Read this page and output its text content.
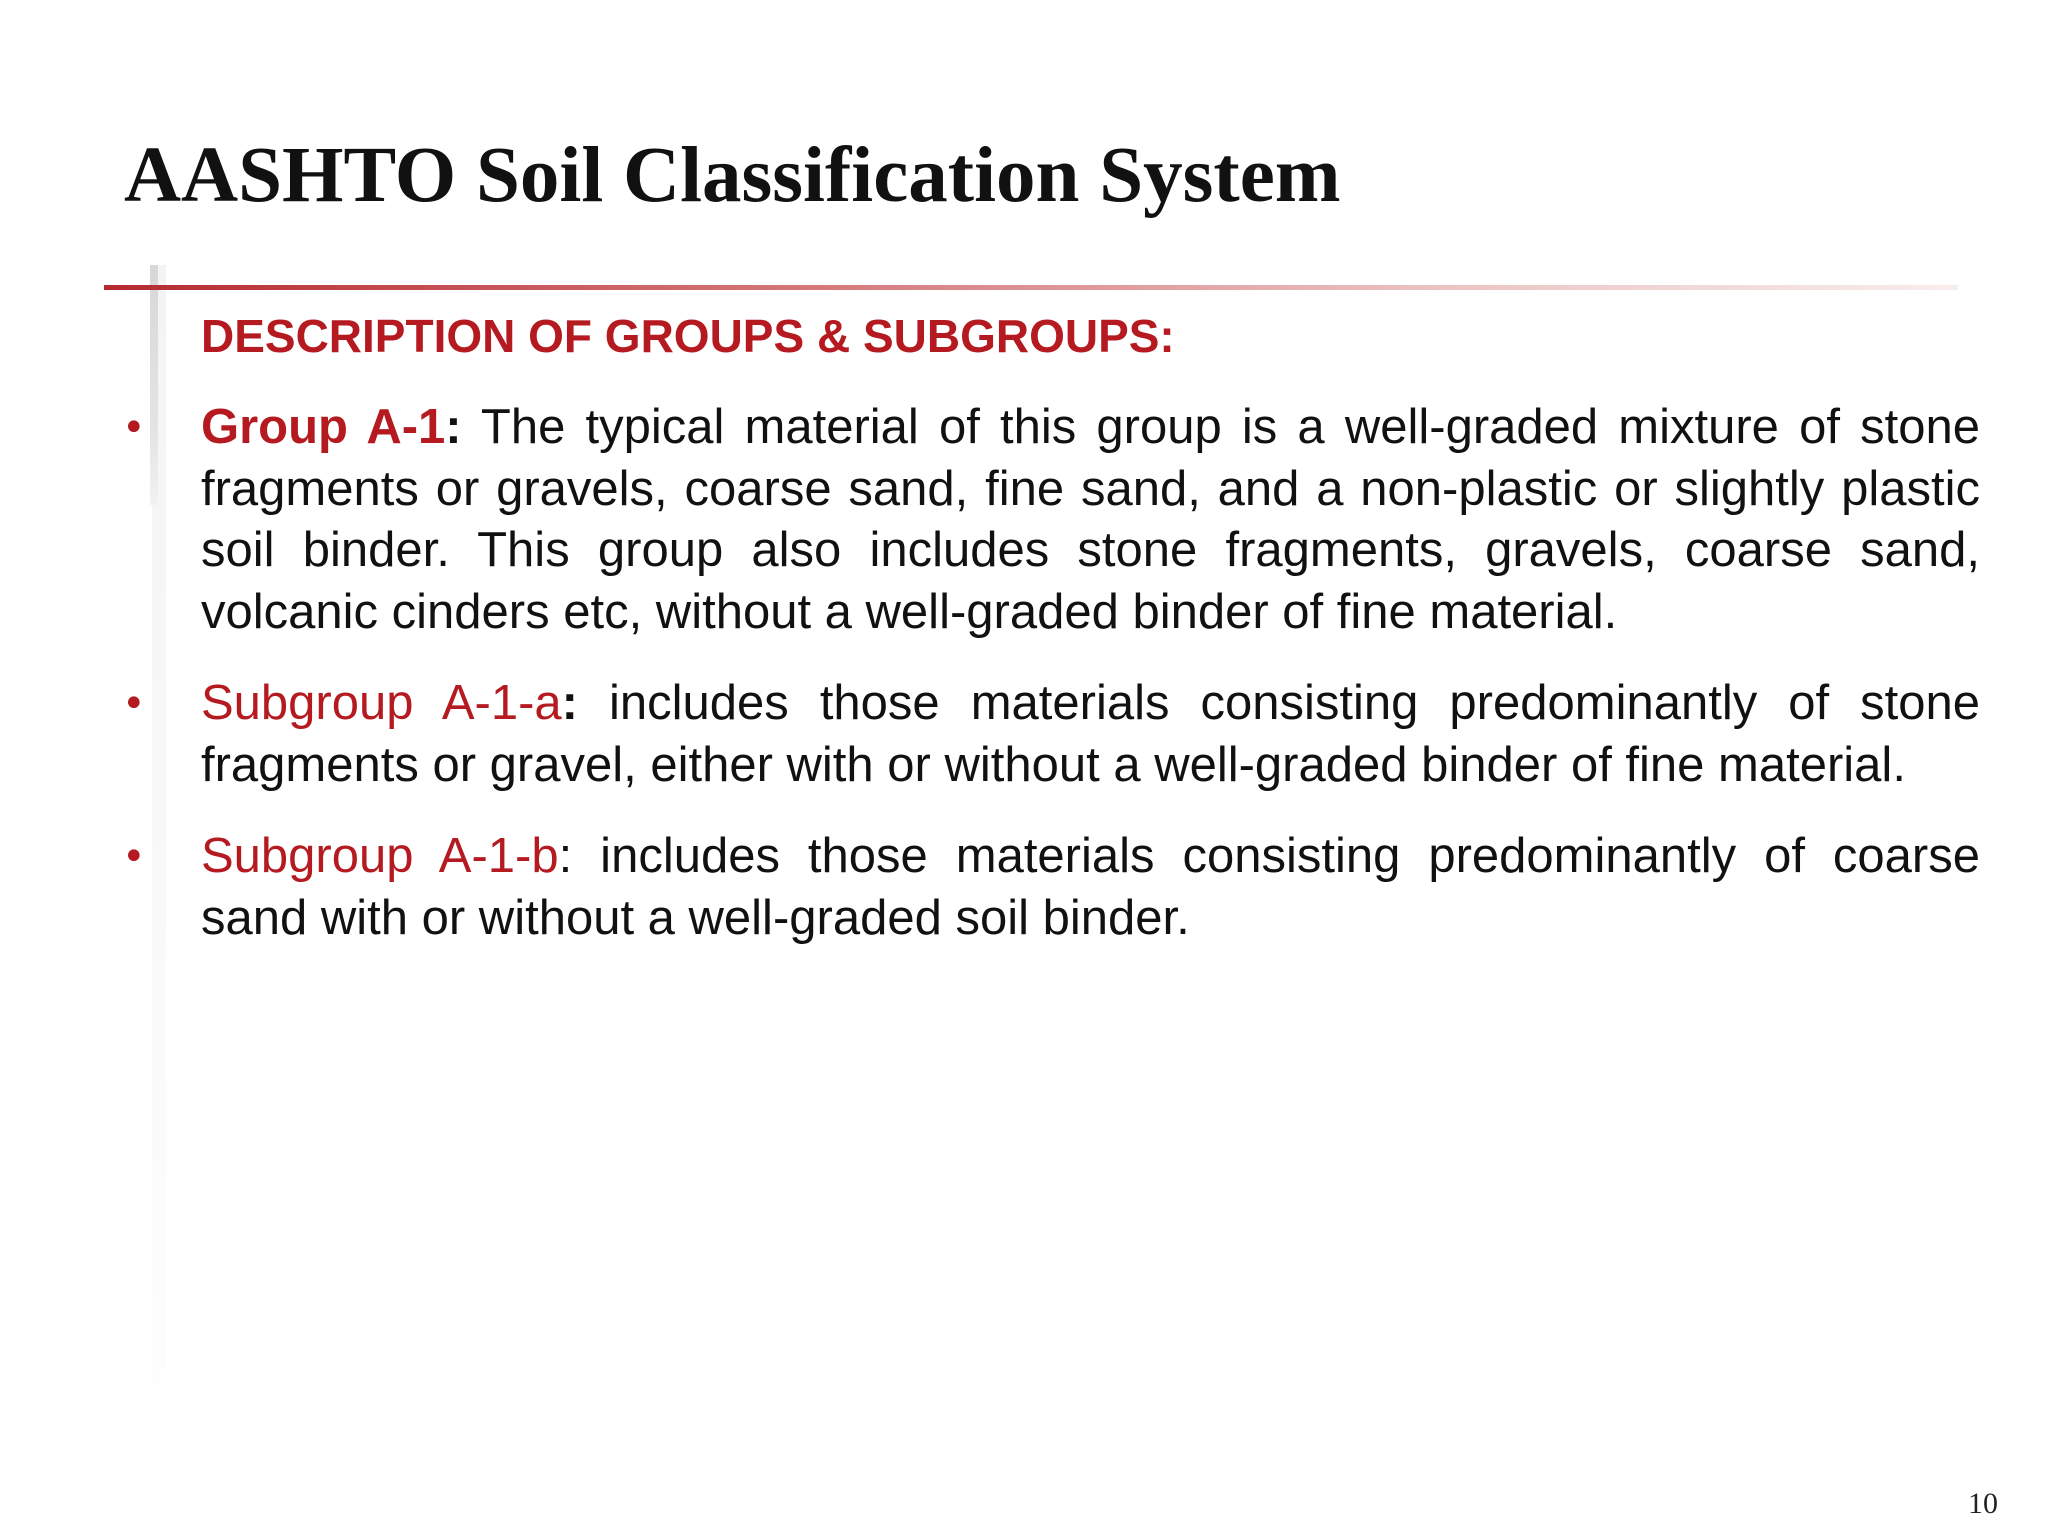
AASHTO Soil Classification System

DESCRIPTION OF GROUPS & SUBGROUPS:

• Group A-1: The typical material of this group is a well-graded mixture of stone fragments or gravels, coarse sand, fine sand, and a non-plastic or slightly plastic soil binder. This group also includes stone fragments, gravels, coarse sand, volcanic cinders etc, without a well-graded binder of fine material.

• Subgroup A-1-a: includes those materials consisting predominantly of stone fragments or gravel, either with or without a well-graded binder of fine material.

• Subgroup A-1-b: includes those materials consisting predominantly of coarse sand with or without a well-graded soil binder.

10
